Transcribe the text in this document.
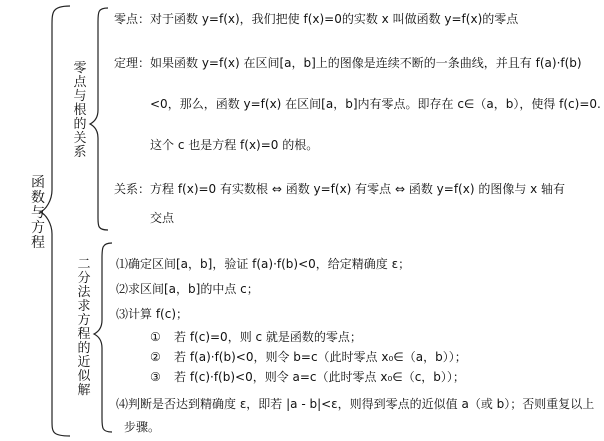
函数与方程
零点与根的关系
二分法求方程的近似解
零点：对于函数 y=f(x)，我们把使 f(x)=0的实数 x 叫做函数 y=f(x)的零点
定理：如果函数 y=f(x) 在区间[a，b]上的图像是连续不断的一条曲线，并且有 f(a)·f(b)
<0，那么，函数 y=f(x) 在区间[a，b]内有零点。即存在 c∈（a，b），使得 f(c)=0.
这个 c 也是方程 f(x)=0 的根。
关系：方程 f(x)=0 有实数根 ⇔ 函数 y=f(x) 有零点 ⇔ 函数 y=f(x) 的图像与 x 轴有
交点
⑴确定区间[a，b]，验证 f(a)·f(b)<0，给定精确度 ε；
⑵求区间[a，b]的中点 c；
⑶计算 f(c)；
① 若 f(c)=0，则 c 就是函数的零点；
② 若 f(a)·f(b)<0，则令 b=c（此时零点 x₀∈（a，b））；
③ 若 f(c)·f(b)<0，则令 a=c（此时零点 x₀∈（c，b））；
⑷判断是否达到精确度 ε，即若 |a - b|<ε，则得到零点的近似值 a（或 b）；否则重复以上
步骤。
